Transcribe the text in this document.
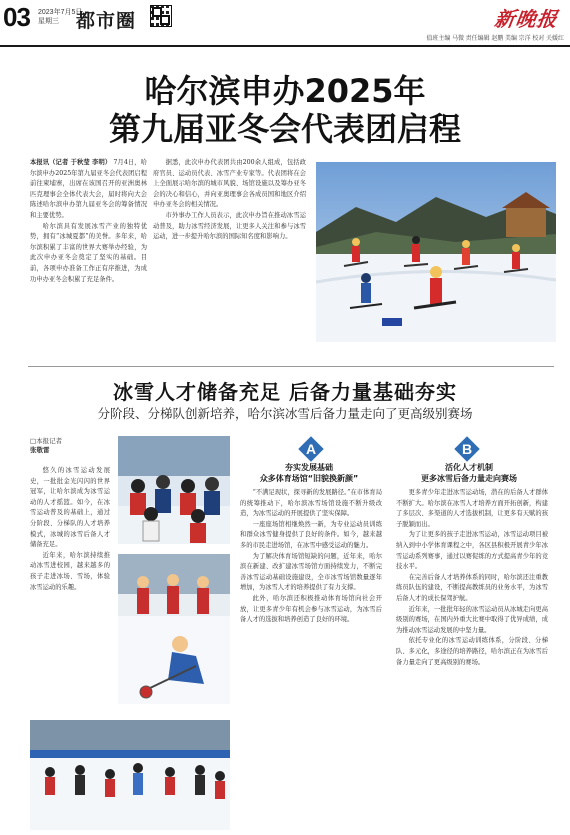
03 2023年7月5日
星期三 都市圈	新晚报
值班主编 马微 责任编辑 赵鹏 美编 宗洋 校对 关媛红
哈尔滨申办2025年
第九届亚冬会代表团启程

本报讯（记者 于秋莹 李明）

7月4日，哈尔滨申办2025年第九届亚冬会代表团启程前往柬埔寨，出席在该国召开的亚洲奥林匹克理事会全体代表大会，届时将向大会陈述哈尔滨申办第九届亚冬会的筹备情况和主要优势。

哈尔滨具有发展冰雪产业的独特优势，拥有“冰城夏都”的美誉。多年来，哈尔滨积累了丰富的世界大赛举办经验，为此次申办亚冬会奠定了坚实的基础。目前，各项申办准备工作正有序推进，为成功申办亚冬会积累了充足条件。

据悉，此次申办代表团共由200余人组成，包括政府官员、运动员代表、冰雪产业专家等。代表团将在会上全面展示哈尔滨的城市风貌、场馆设施以及筹办亚冬会的决心和信心，并向亚奥理事会各成员国和地区介绍申办亚冬会的相关情况。

市外事办工作人员表示，此次申办旨在推动冰雪运动普及，助力冰雪经济发展，让更多人关注和参与冰雪运动，进一步提升哈尔滨的国际知名度和影响力。

冰雪人才储备充足 后备力量基础夯实
分阶段、分梯队创新培养，哈尔滨冰雪后备力量走向了更高级别赛场
□本报记者
张敬雷

悠久的冰雪运动发展史，一批批金光闪闪的世界冠军，让哈尔滨成为冰雪运动的人才摇篮。如今，在冰雪运动普及的基础上，通过分阶段、分梯队的人才培养模式，冰城的冰雪后备人才储备充足。

近年来，哈尔滨持续推动冰雪进校园，越来越多的孩子走进冰场、雪场，体验冰雪运动的乐趣。

A
夯实发展基础
众多体育场馆“旧貌换新颜”

“不满足现状，探寻新的发展路径。”在市体育局的统筹推动下，哈尔滨冰雪场馆设施不断升级改造，为冰雪运动的开展提供了坚实保障。

一座座场馆相继焕然一新，为专业运动员训练和群众冰雪健身提供了良好的条件。如今，越来越多的市民走进场馆，在冰雪中感受运动的魅力。

为了解决体育场馆短缺的问题，近年来，哈尔滨在新建、改扩建冰雪场馆方面持续发力，不断完善冰雪运动基础设施建设，全市冰雪场馆数量逐年增加，为冰雪人才的培养提供了有力支撑。

此外，哈尔滨还积极推动体育场馆向社会开放，让更多青少年有机会参与冰雪运动，为冰雪后备人才的选拔和培养创造了良好的环境。

B
活化人才机制
更多冰雪后备力量走向赛场

更多青少年走进冰雪运动场，潜在的后备人才群体不断扩大。哈尔滨在冰雪人才培养方面开拓创新，构建了多层次、多渠道的人才选拔机制，让更多有天赋的孩子脱颖而出。

为了让更多的孩子走进冰雪运动，冰雪运动项目被纳入到中小学体育课程之中，各区县积极开展青少年冰雪运动系列赛事，通过以赛促练的方式提高青少年的竞技水平。

在完善后备人才培养体系的同时，哈尔滨还注重教练员队伍的建设，不断提高教练员的业务水平，为冰雪后备人才的成长保驾护航。

近年来，一批批年轻的冰雪运动员从冰城走向更高级别的赛场，在国内外重大比赛中取得了优异成绩，成为推动冰雪运动发展的中坚力量。

依托专业化的冰雪运动训练体系，分阶段、分梯队、多元化，多途径的培养路径，哈尔滨正在为冰雪后备力量走向了更高级别的赛场。
